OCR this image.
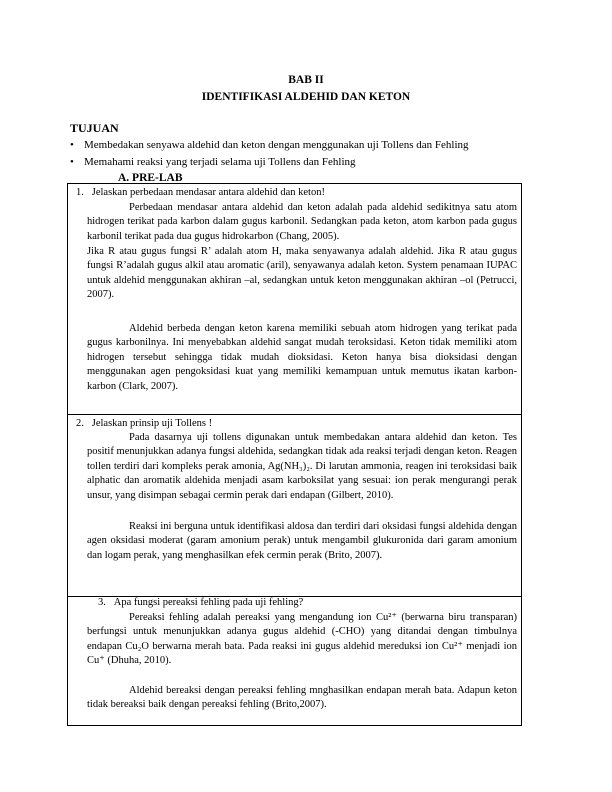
BAB II
IDENTIFIKASI ALDEHID DAN KETON
TUJUAN
• Membedakan senyawa aldehid dan keton dengan menggunakan uji Tollens dan Fehling
• Memahami reaksi yang terjadi selama uji Tollens dan Fehling
A. PRE-LAB
1. Jelaskan perbedaan mendasar antara aldehid dan keton!
Perbedaan mendasar antara aldehid dan keton adalah pada aldehid sedikitnya satu atom hidrogen terikat pada karbon dalam gugus karbonil. Sedangkan pada keton, atom karbon pada gugus karbonil terikat pada dua gugus hidrokarbon (Chang, 2005).
Jika R atau gugus fungsi R’ adalah atom H, maka senyawanya adalah aldehid. Jika R atau gugus fungsi R’adalah gugus alkil atau aromatic (aril), senyawanya adalah keton. System penamaan IUPAC untuk aldehid menggunakan akhiran –al, sedangkan untuk keton menggunakan akhiran –ol (Petrucci, 2007).
Aldehid berbeda dengan keton karena memiliki sebuah atom hidrogen yang terikat pada gugus karbonilnya. Ini menyebabkan aldehid sangat mudah teroksidasi. Keton tidak memiliki atom hidrogen tersebut sehingga tidak mudah dioksidasi. Keton hanya bisa dioksidasi dengan menggunakan agen pengoksidasi kuat yang memiliki kemampuan untuk memutus ikatan karbon-karbon (Clark, 2007).
2. Jelaskan prinsip uji Tollens !
Pada dasarnya uji tollens digunakan untuk membedakan antara aldehid dan keton. Tes positif menunjukkan adanya fungsi aldehida, sedangkan tidak ada reaksi terjadi dengan keton. Reagen tollen terdiri dari kompleks perak amonia, Ag(NH₃)₂. Di larutan ammonia, reagen ini teroksidasi baik alphatic dan aromatik aldehida menjadi asam karboksilat yang sesuai: ion perak mengurangi perak unsur, yang disimpan sebagai cermin perak dari endapan (Gilbert, 2010).
Reaksi ini berguna untuk identifikasi aldosa dan terdiri dari oksidasi fungsi aldehida dengan agen oksidasi moderat (garam amonium perak) untuk mengambil glukuronida dari garam amonium dan logam perak, yang menghasilkan efek cermin perak (Brito, 2007).
3. Apa fungsi pereaksi fehling pada uji fehling?
Pereaksi fehling adalah pereaksi yang mengandung ion Cu²⁺ (berwarna biru transparan) berfungsi untuk menunjukkan adanya gugus aldehid (-CHO) yang ditandai dengan timbulnya endapan Cu₂O berwarna merah bata. Pada reaksi ini gugus aldehid mereduksi ion Cu²⁺ menjadi ion Cu⁺ (Dhuha, 2010).
Aldehid bereaksi dengan pereaksi fehling mnghasilkan endapan merah bata. Adapun keton tidak bereaksi baik dengan pereaksi fehling (Brito,2007).
